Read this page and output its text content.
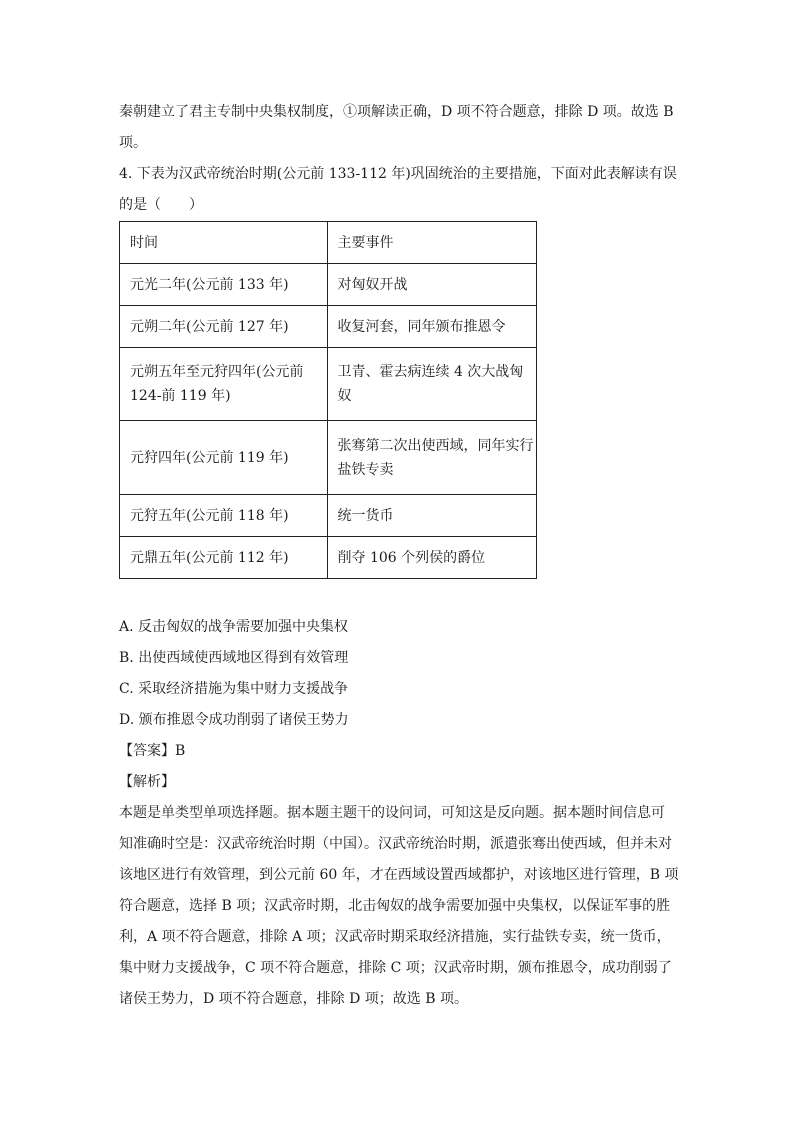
秦朝建立了君主专制中央集权制度，①项解读正确，D 项不符合题意，排除 D 项。故选 B
项。
4. 下表为汉武帝统治时期(公元前 133-112 年)巩固统治的主要措施，下面对此表解读有误
的是（　　）
时间	主要事件
元光二年(公元前 133 年)	对匈奴开战
元朔二年(公元前 127 年)	收复河套，同年颁布推恩令
元朔五年至元狩四年(公元前 124-前 119 年)	卫青、霍去病连续 4 次大战匈奴
元狩四年(公元前 119 年)	张骞第二次出使西域，同年实行盐铁专卖
元狩五年(公元前 118 年)	统一货币
元鼎五年(公元前 112 年)	削夺 106 个列侯的爵位
A. 反击匈奴的战争需要加强中央集权
B. 出使西域使西域地区得到有效管理
C. 采取经济措施为集中财力支援战争
D. 颁布推恩令成功削弱了诸侯王势力
【答案】B
【解析】
本题是单类型单项选择题。据本题主题干的设问词，可知这是反向题。据本题时间信息可
知准确时空是：汉武帝统治时期（中国）。汉武帝统治时期，派遣张骞出使西域，但并未对
该地区进行有效管理，到公元前 60 年，才在西域设置西域都护，对该地区进行管理，B 项
符合题意，选择 B 项；汉武帝时期，北击匈奴的战争需要加强中央集权，以保证军事的胜
利，A 项不符合题意，排除 A 项；汉武帝时期采取经济措施，实行盐铁专卖，统一货币，
集中财力支援战争，C 项不符合题意，排除 C 项；汉武帝时期，颁布推恩令，成功削弱了
诸侯王势力，D 项不符合题意，排除 D 项；故选 B 项。
